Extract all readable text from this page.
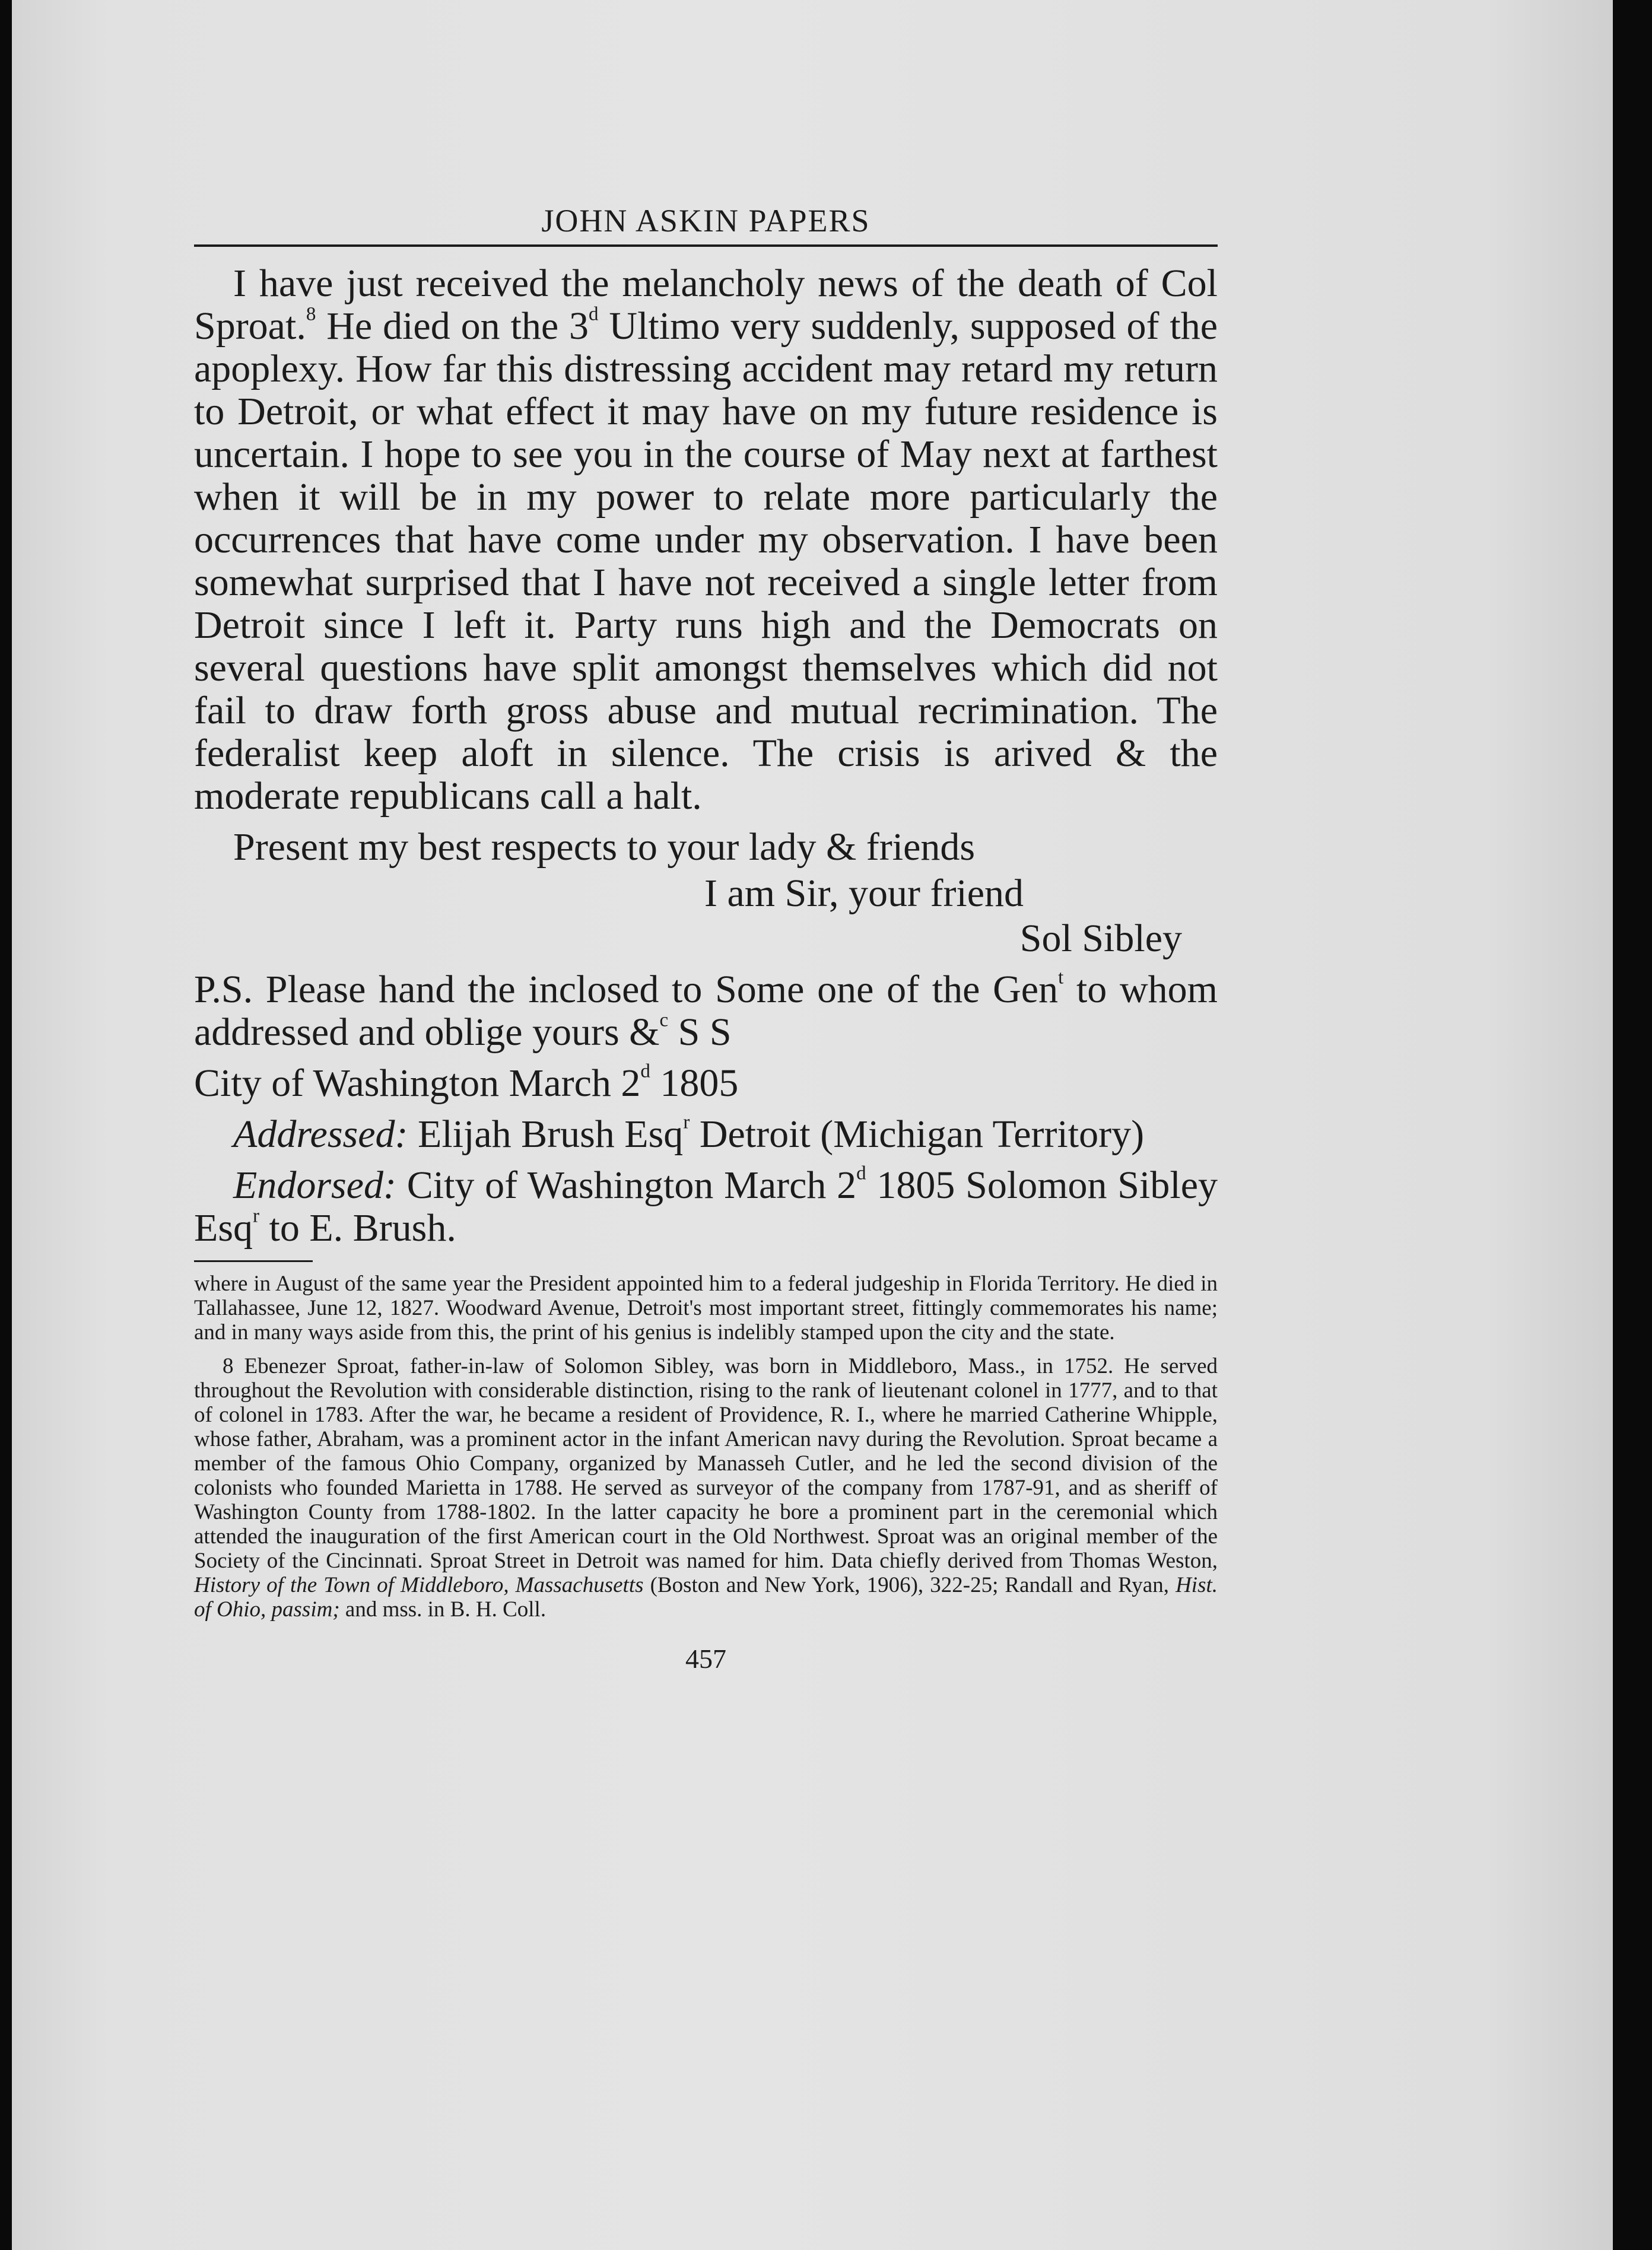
JOHN ASKIN PAPERS

I have just received the melancholy news of the death of Col Sproat.$^8$ He died on the 3$^d$ Ultimo very suddenly, supposed of the apoplexy. How far this distressing accident may retard my return to Detroit, or what effect it may have on my future residence is uncertain. I hope to see you in the course of May next at farthest when it will be in my power to relate more particularly the occurrences that have come under my observation. I have been somewhat surprised that I have not received a single letter from Detroit since I left it. Party runs high and the Democrats on several questions have split amongst themselves which did not fail to draw forth gross abuse and mutual recrimination. The federalist keep aloft in silence. The crisis is arived & the moderate republicans call a halt.

Present my best respects to your lady & friends

I am Sir, your friend

Sol Sibley

P.S. Please hand the inclosed to Some one of the Gen$^t$ to whom addressed and oblige yours &$^c$ S S

City of Washington March 2$^d$ 1805

Addressed: Elijah Brush Esq$^r$ Detroit (Michigan Territory)

Endorsed: City of Washington March 2$^d$ 1805 Solomon Sibley Esq$^r$ to E. Brush.

where in August of the same year the President appointed him to a federal judgeship in Florida Territory. He died in Tallahassee, June 12, 1827. Woodward Avenue, Detroit's most important street, fittingly commemorates his name; and in many ways aside from this, the print of his genius is indelibly stamped upon the city and the state.

8 Ebenezer Sproat, father-in-law of Solomon Sibley, was born in Middleboro, Mass., in 1752. He served throughout the Revolution with considerable distinction, rising to the rank of lieutenant colonel in 1777, and to that of colonel in 1783. After the war, he became a resident of Providence, R. I., where he married Catherine Whipple, whose father, Abraham, was a prominent actor in the infant American navy during the Revolution. Sproat became a member of the famous Ohio Company, organized by Manasseh Cutler, and he led the second division of the colonists who founded Marietta in 1788. He served as surveyor of the company from 1787-91, and as sheriff of Washington County from 1788-1802. In the latter capacity he bore a prominent part in the ceremonial which attended the inauguration of the first American court in the Old Northwest. Sproat was an original member of the Society of the Cincinnati. Sproat Street in Detroit was named for him. Data chiefly derived from Thomas Weston, History of the Town of Middleboro, Massachusetts (Boston and New York, 1906), 322-25; Randall and Ryan, Hist. of Ohio, passim; and mss. in B. H. Coll.

457
